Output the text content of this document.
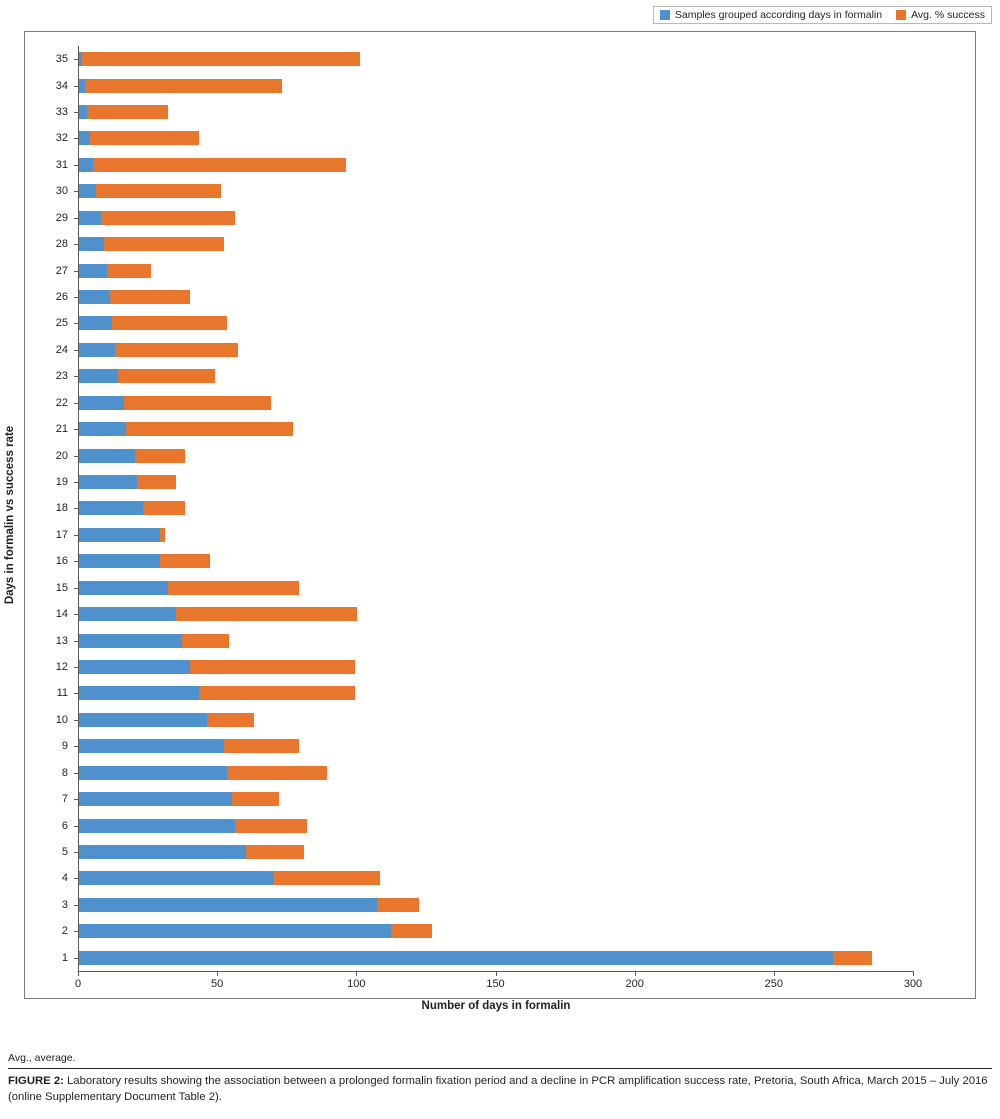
Samples grouped according days in formalin	Avg. % success
1
2
3
4
5
6
7
8
9
10
11
12
13
14
15
16
17
18
19
20
21
22
23
24
25
26
27
28
29
30
31
32
33
34
35
0	50	100	150	200	250	300
Number of days in formalin
Days in formalin vs success rate
Avg., average.
FIGURE 2: Laboratory results showing the association between a prolonged formalin fixation period and a decline in PCR amplification success rate, Pretoria, South Africa, March 2015 – July 2016 (online Supplementary Document Table 2).
